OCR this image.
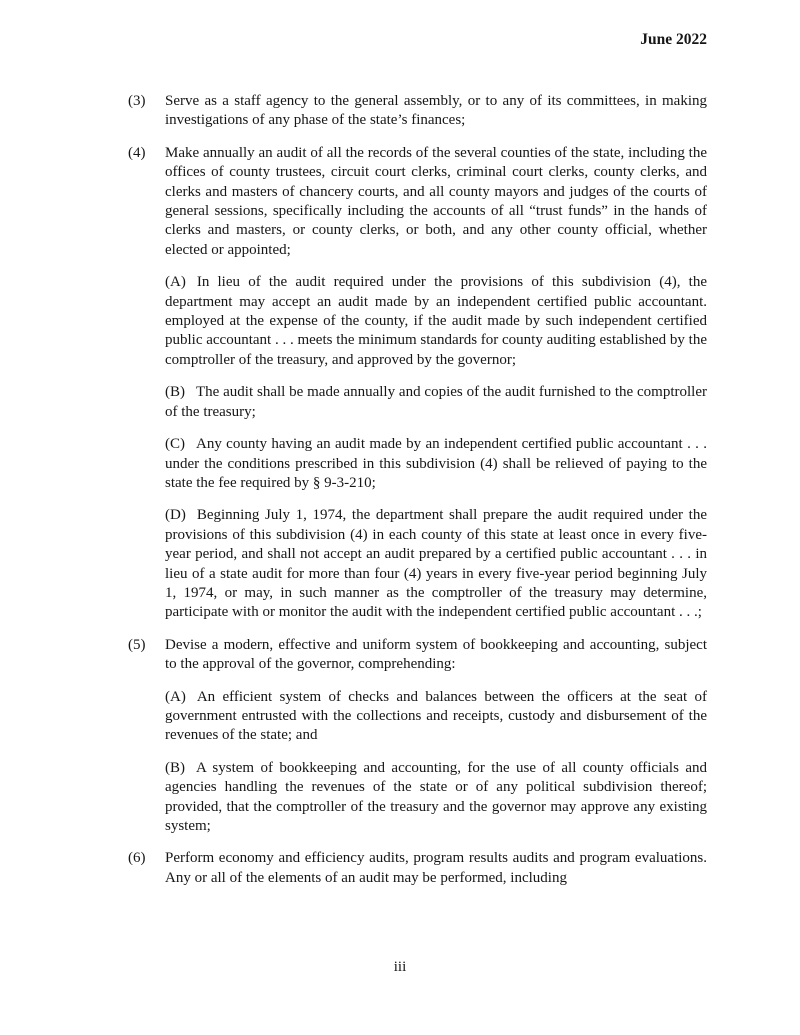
June 2022
(3)	Serve as a staff agency to the general assembly, or to any of its committees, in making investigations of any phase of the state’s finances;

(4)	Make annually an audit of all the records of the several counties of the state, including the offices of county trustees, circuit court clerks, criminal court clerks, county clerks, and clerks and masters of chancery courts, and all county mayors and judges of the courts of general sessions, specifically including the accounts of all “trust funds” in the hands of clerks and masters, or county clerks, or both, and any other county official, whether elected or appointed;

(A) In lieu of the audit required under the provisions of this subdivision (4), the department may accept an audit made by an independent certified public accountant. employed at the expense of the county, if the audit made by such independent certified public accountant . . . meets the minimum standards for county auditing established by the comptroller of the treasury, and approved by the governor;

(B) The audit shall be made annually and copies of the audit furnished to the comptroller of the treasury;

(C) Any county having an audit made by an independent certified public accountant . . . under the conditions prescribed in this subdivision (4) shall be relieved of paying to the state the fee required by § 9-3-210;

(D) Beginning July 1, 1974, the department shall prepare the audit required under the provisions of this subdivision (4) in each county of this state at least once in every five-year period, and shall not accept an audit prepared by a certified public accountant . . . in lieu of a state audit for more than four (4) years in every five-year period beginning July 1, 1974, or may, in such manner as the comptroller of the treasury may determine, participate with or monitor the audit with the independent certified public accountant . . .;

(5)	Devise a modern, effective and uniform system of bookkeeping and accounting, subject to the approval of the governor, comprehending:

(A) An efficient system of checks and balances between the officers at the seat of government entrusted with the collections and receipts, custody and disbursement of the revenues of the state; and

(B) A system of bookkeeping and accounting, for the use of all county officials and agencies handling the revenues of the state or of any political subdivision thereof; provided, that the comptroller of the treasury and the governor may approve any existing system;

(6)	Perform economy and efficiency audits, program results audits and program evaluations. Any or all of the elements of an audit may be performed, including

iii
